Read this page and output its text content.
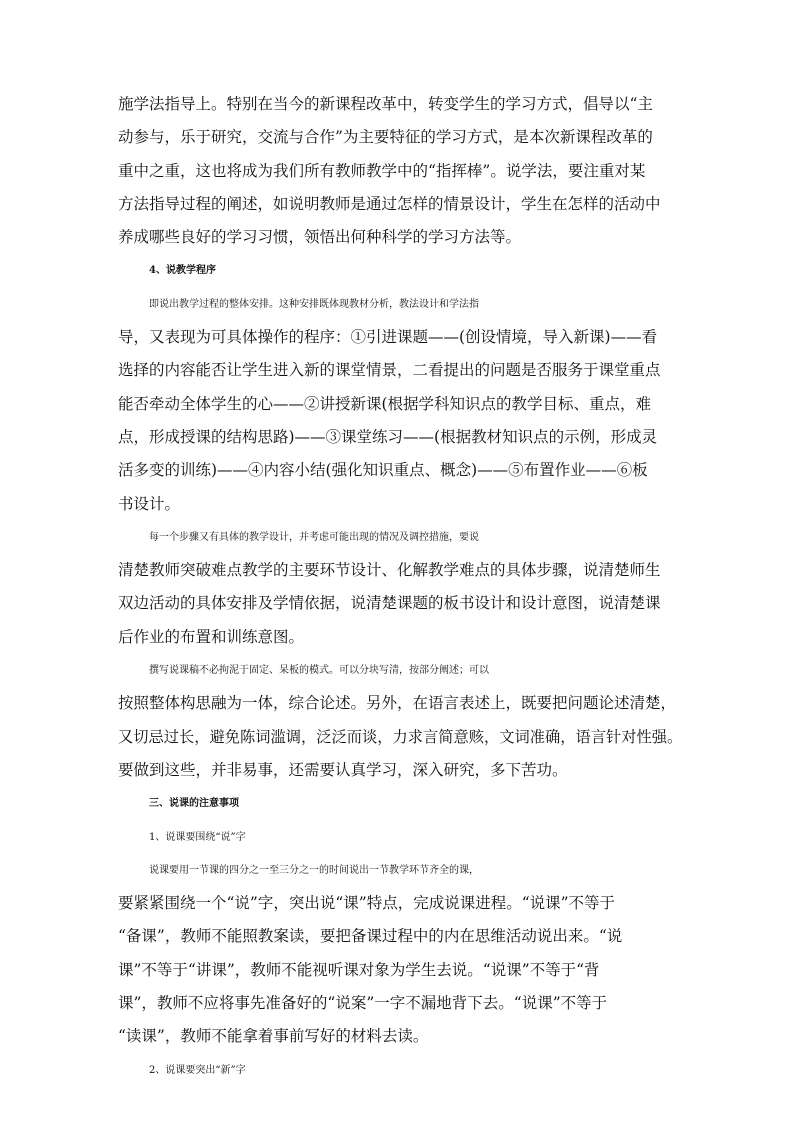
施学法指导上。特别在当今的新课程改革中，转变学生的学习方式，倡导以“主
动参与，乐于研究，交流与合作”为主要特征的学习方式，是本次新课程改革的
重中之重，这也将成为我们所有教师教学中的“指挥棒”。说学法，要注重对某
方法指导过程的阐述，如说明教师是通过怎样的情景设计，学生在怎样的活动中
养成哪些良好的学习习惯，领悟出何种科学的学习方法等。
4、说教学程序
即说出教学过程的整体安排。这种安排既体现教材分析，教法设计和学法指
导，又表现为可具体操作的程序：①引进课题——(创设情境，导入新课)——看
选择的内容能否让学生进入新的课堂情景，二看提出的问题是否服务于课堂重点
能否牵动全体学生的心——②讲授新课(根据学科知识点的教学目标、重点，难
点，形成授课的结构思路)——③课堂练习——(根据教材知识点的示例，形成灵
活多变的训练)——④内容小结(强化知识重点、概念)——⑤布置作业——⑥板
书设计。
每一个步骤又有具体的教学设计，并考虑可能出现的情况及调控措施，要说
清楚教师突破难点教学的主要环节设计、化解教学难点的具体步骤，说清楚师生
双边活动的具体安排及学情依据，说清楚课题的板书设计和设计意图，说清楚课
后作业的布置和训练意图。
撰写说课稿不必拘泥于固定、呆板的模式。可以分块写清，按部分阐述；可以
按照整体构思融为一体，综合论述。另外，在语言表述上，既要把问题论述清楚，
又切忌过长，避免陈词滥调，泛泛而谈，力求言简意赅，文词准确，语言针对性强。
要做到这些，并非易事，还需要认真学习，深入研究，多下苦功。
三、说课的注意事项
1、说课要围绕“说”字
说课要用一节课的四分之一至三分之一的时间说出一节教学环节齐全的课，
要紧紧围绕一个“说”字，突出说“课”特点，完成说课进程。“说课”不等于
“备课”，教师不能照教案读，要把备课过程中的内在思维活动说出来。“说
课”不等于“讲课”，教师不能视听课对象为学生去说。“说课”不等于“背
课”，教师不应将事先准备好的“说案”一字不漏地背下去。“说课”不等于
“读课”，教师不能拿着事前写好的材料去读。
2、说课要突出“新”字
